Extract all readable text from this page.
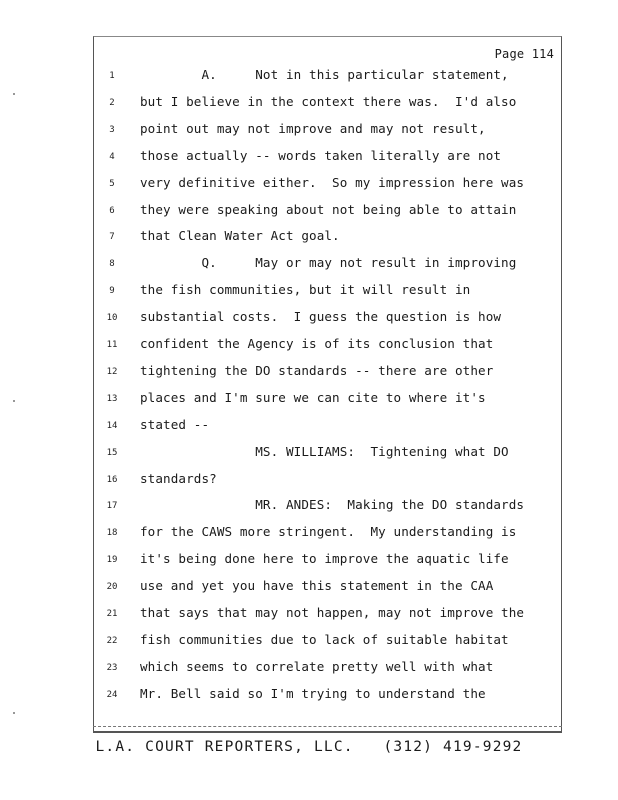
Page 114
1	A.     Not in this particular statement,
2	but I believe in the context there was.  I'd also
3	point out may not improve and may not result,
4	those actually -- words taken literally are not
5	very definitive either.  So my impression here was
6	they were speaking about not being able to attain
7	that Clean Water Act goal.
8	Q.     May or may not result in improving
9	the fish communities, but it will result in
10	substantial costs.  I guess the question is how
11	confident the Agency is of its conclusion that
12	tightening the DO standards -- there are other
13	places and I'm sure we can cite to where it's
14	stated --
15	MS. WILLIAMS:  Tightening what DO
16	standards?
17	MR. ANDES:  Making the DO standards
18	for the CAWS more stringent.  My understanding is
19	it's being done here to improve the aquatic life
20	use and yet you have this statement in the CAA
21	that says that may not happen, may not improve the
22	fish communities due to lack of suitable habitat
23	which seems to correlate pretty well with what
24	Mr. Bell said so I'm trying to understand the
L.A. COURT REPORTERS, LLC.   (312) 419-9292
